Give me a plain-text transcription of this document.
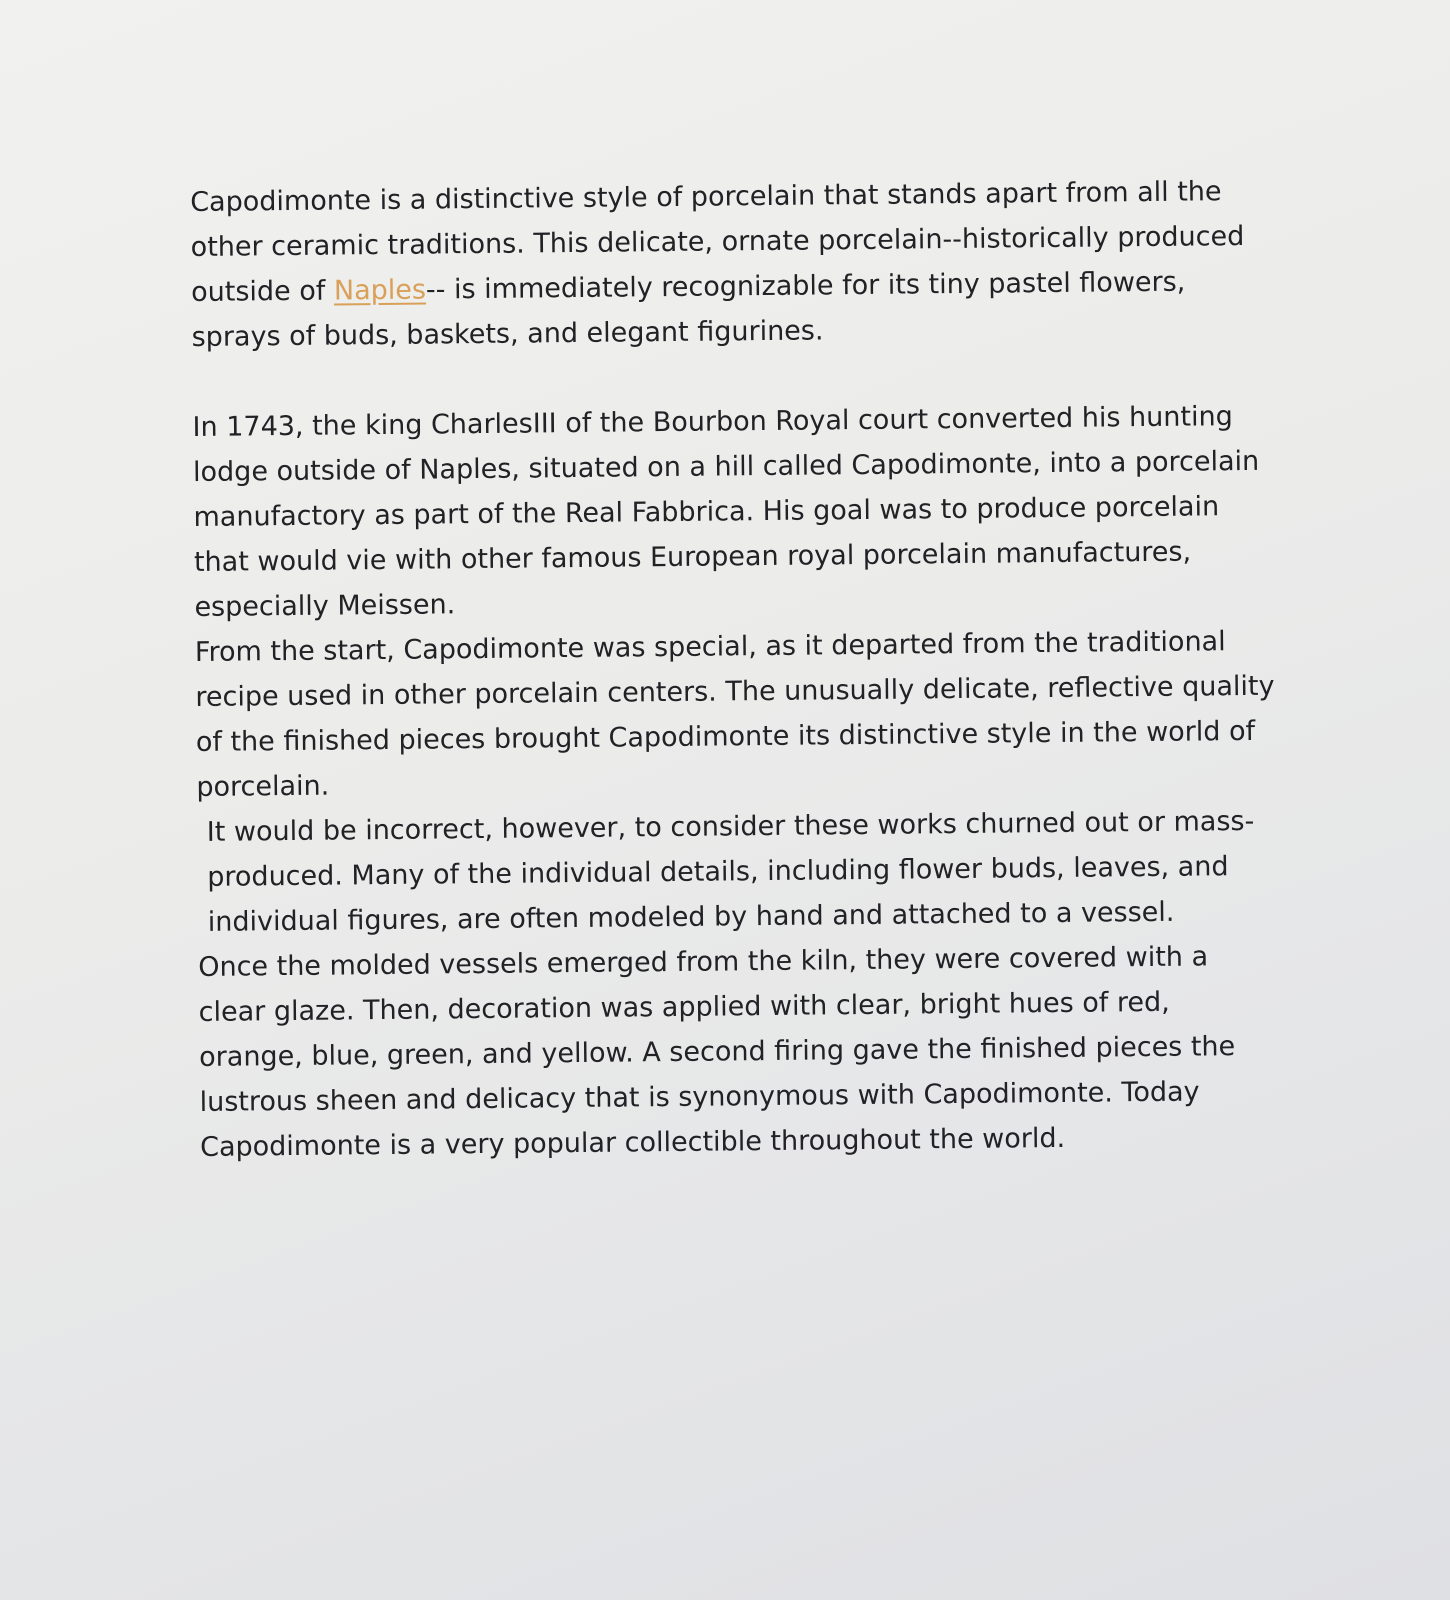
Capodimonte is a distinctive style of porcelain that stands apart from all the other ceramic traditions. This delicate, ornate porcelain--historically produced outside of Naples-- is immediately recognizable for its tiny pastel flowers, sprays of buds, baskets, and elegant figurines.

In 1743, the king CharlesIII of the Bourbon Royal court converted his hunting lodge outside of Naples, situated on a hill called Capodimonte, into a porcelain manufactory as part of the Real Fabbrica. His goal was to produce porcelain that would vie with other famous European royal porcelain manufactures, especially Meissen.

From the start, Capodimonte was special, as it departed from the traditional recipe used in other porcelain centers. The unusually delicate, reflective quality of the finished pieces brought Capodimonte its distinctive style in the world of porcelain.

It would be incorrect, however, to consider these works churned out or mass-produced. Many of the individual details, including flower buds, leaves, and individual figures, are often modeled by hand and attached to a vessel.

Once the molded vessels emerged from the kiln, they were covered with a clear glaze. Then, decoration was applied with clear, bright hues of red, orange, blue, green, and yellow. A second firing gave the finished pieces the lustrous sheen and delicacy that is synonymous with Capodimonte. Today Capodimonte is a very popular collectible throughout the world.
